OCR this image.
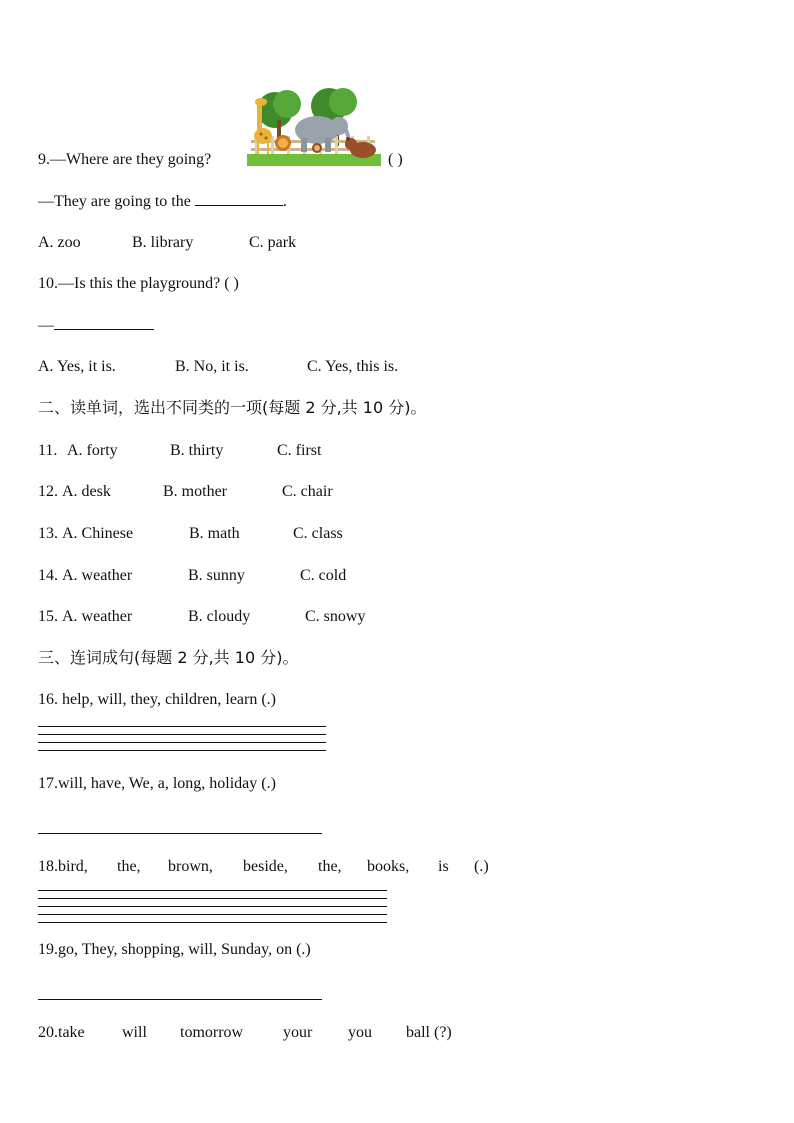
9.—Where are they going?	( )
—They are going to the	.
A. zoo	B. library	C. park
10.—Is this the playground? ( )
—
A. Yes, it is.	B. No, it is.	C. Yes, this is.
二、读单词，选出不同类的一项(每题 2 分,共 10 分)。
11. A. forty	B. thirty	C. first
12. A. desk	B. mother	C. chair
13. A. Chinese	B. math	C. class
14. A. weather	B. sunny	C. cold
15. A. weather	B. cloudy	C. snowy
三、连词成句(每题 2 分,共 10 分)。
16. help, will, they, children, learn (.)
17.will, have, We, a, long, holiday (.)
18.bird, the, brown, beside, the, books, is (.)
19.go, They, shopping, will, Sunday, on (.)
20.take will tomorrow your you ball (?)
